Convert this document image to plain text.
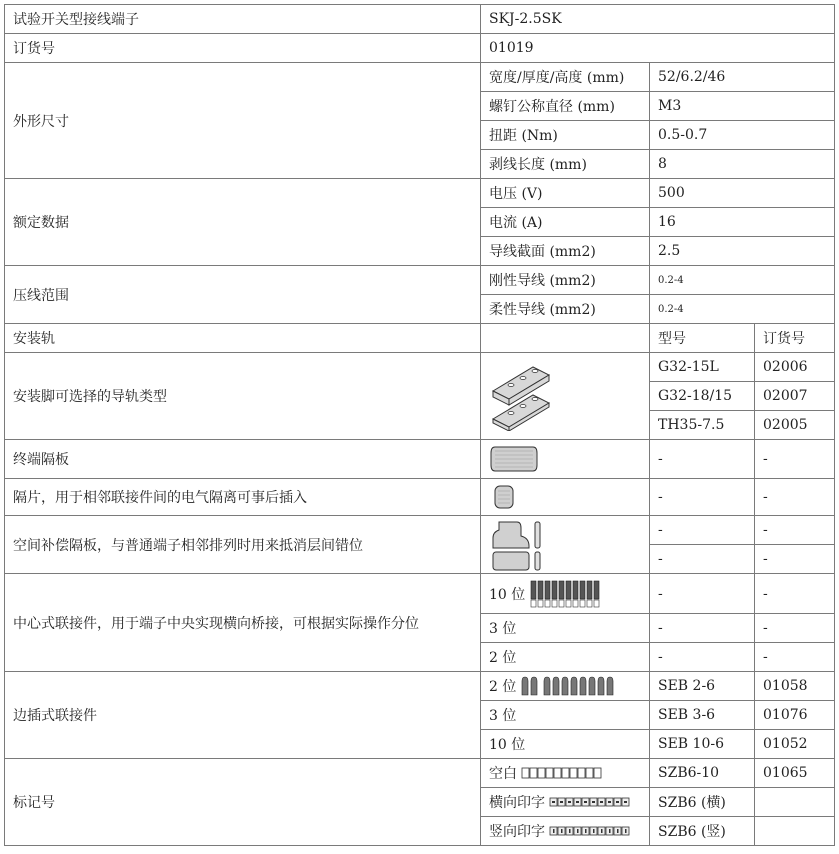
试验开关型接线端子	SKJ-2.5SK		
订货号	01019		
外形尺寸	宽度/厚度/高度 (mm)	52/6.2/46	
	螺钉公称直径 (mm)	M3	
	扭距 (Nm)	0.5-0.7	
	剥线长度 (mm)	8	
额定数据	电压 (V)	500	
	电流 (A)	16	
	导线截面 (mm2)	2.5	
压线范围	刚性导线 (mm2)	0.2-4	
	柔性导线 (mm2)	0.2-4	
安装轨		型号	订货号
安装脚可选择的导轨类型		G32-15L	02006
		G32-18/15	02007
		TH35-7.5	02005
终端隔板		-	-
隔片，用于相邻联接件间的电气隔离可事后插入		-	-
空间补偿隔板，与普通端子相邻排列时用来抵消层间错位		-	-
		-	-
中心式联接件，用于端子中央实现横向桥接，可根据实际操作分位	10 位	-	-
	3 位	-	-
	2 位	-	-
边插式联接件	2 位	SEB 2-6	01058
	3 位	SEB 3-6	01076
	10 位	SEB 10-6	01052
标记号	空白	SZB6-10	01065

	横向印字	SZB6 (横)	

	竖向印字	SZB6 (竖)	
